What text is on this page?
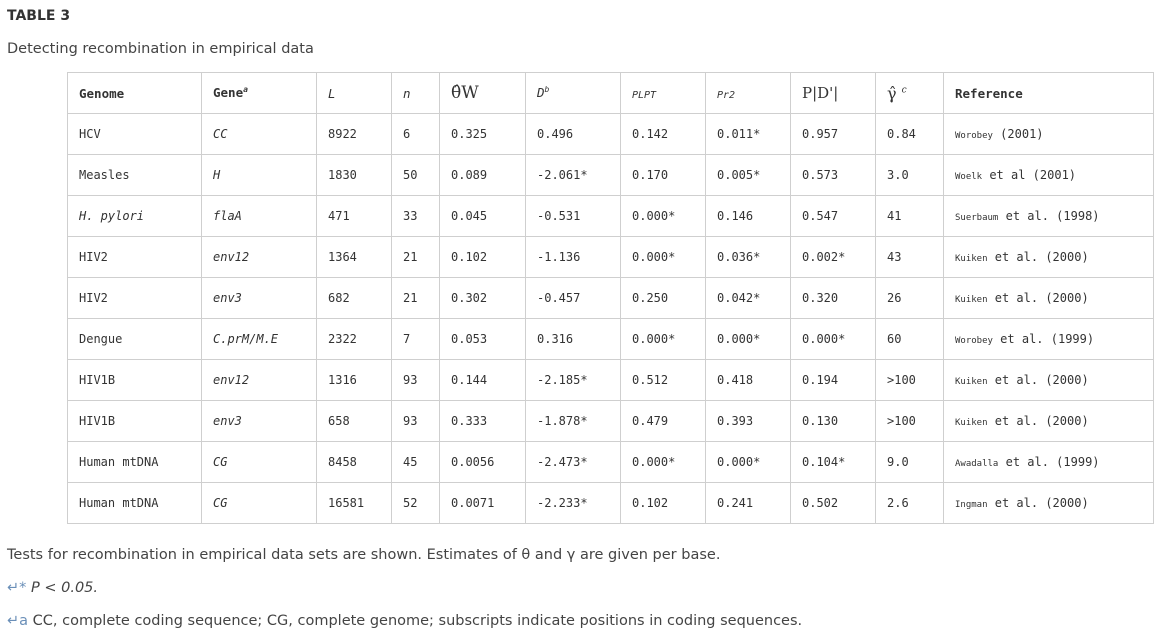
TABLE 3
Detecting recombination in empirical data
Genome	Gene$^a$	L	n	θ̂W	$D^b$	PLPT	Pr2	P|D'|	γ̂ $^c$	Reference
HCV	CC	8922	6	0.325	0.496	0.142	0.011*	0.957	0.84	Worobey (2001)
Measles	H	1830	50	0.089	-2.061*	0.170	0.005*	0.573	3.0	Woelk et al (2001)
H. pylori	flaA	471	33	0.045	-0.531	0.000*	0.146	0.547	41	Suerbaum et al. (1998)
HIV2	env12	1364	21	0.102	-1.136	0.000*	0.036*	0.002*	43	Kuiken et al. (2000)
HIV2	env3	682	21	0.302	-0.457	0.250	0.042*	0.320	26	Kuiken et al. (2000)
Dengue	C.prM/M.E	2322	7	0.053	0.316	0.000*	0.000*	0.000*	60	Worobey et al. (1999)
HIV1B	env12	1316	93	0.144	-2.185*	0.512	0.418	0.194	>100	Kuiken et al. (2000)
HIV1B	env3	658	93	0.333	-1.878*	0.479	0.393	0.130	>100	Kuiken et al. (2000)
Human mtDNA	CG	8458	45	0.0056	-2.473*	0.000*	0.000*	0.104*	9.0	Awadalla et al. (1999)
Human mtDNA	CG	16581	52	0.0071	-2.233*	0.102	0.241	0.502	2.6	Ingman et al. (2000)
Tests for recombination in empirical data sets are shown. Estimates of θ and γ are given per base.
↵* P < 0.05.
↵a CC, complete coding sequence; CG, complete genome; subscripts indicate positions in coding sequences.
